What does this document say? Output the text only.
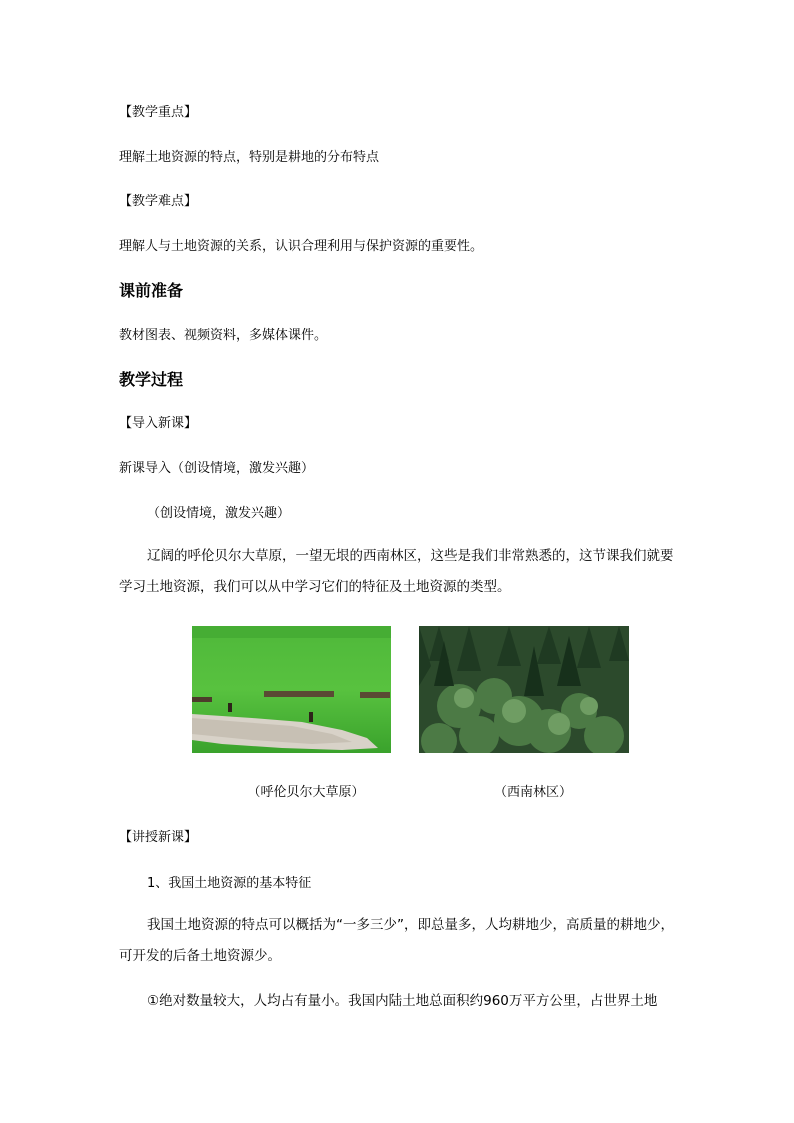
【教学重点】
理解土地资源的特点，特别是耕地的分布特点
【教学难点】
理解人与土地资源的关系，认识合理利用与保护资源的重要性。
课前准备
教材图表、视频资料，多媒体课件。
教学过程
【导入新课】
新课导入（创设情境，激发兴趣）
（创设情境，激发兴趣）
辽阔的呼伦贝尔大草原，一望无垠的西南林区，这些是我们非常熟悉的，这节课我们就要学习土地资源，我们可以从中学习它们的特征及土地资源的类型。
（呼伦贝尔大草原）	（西南林区）
【讲授新课】
1、我国土地资源的基本特征
我国土地资源的特点可以概括为“一多三少”，即总量多，人均耕地少，高质量的耕地少，可开发的后备土地资源少。
①绝对数量较大，人均占有量小。我国内陆土地总面积约960万平方公里，占世界土地
